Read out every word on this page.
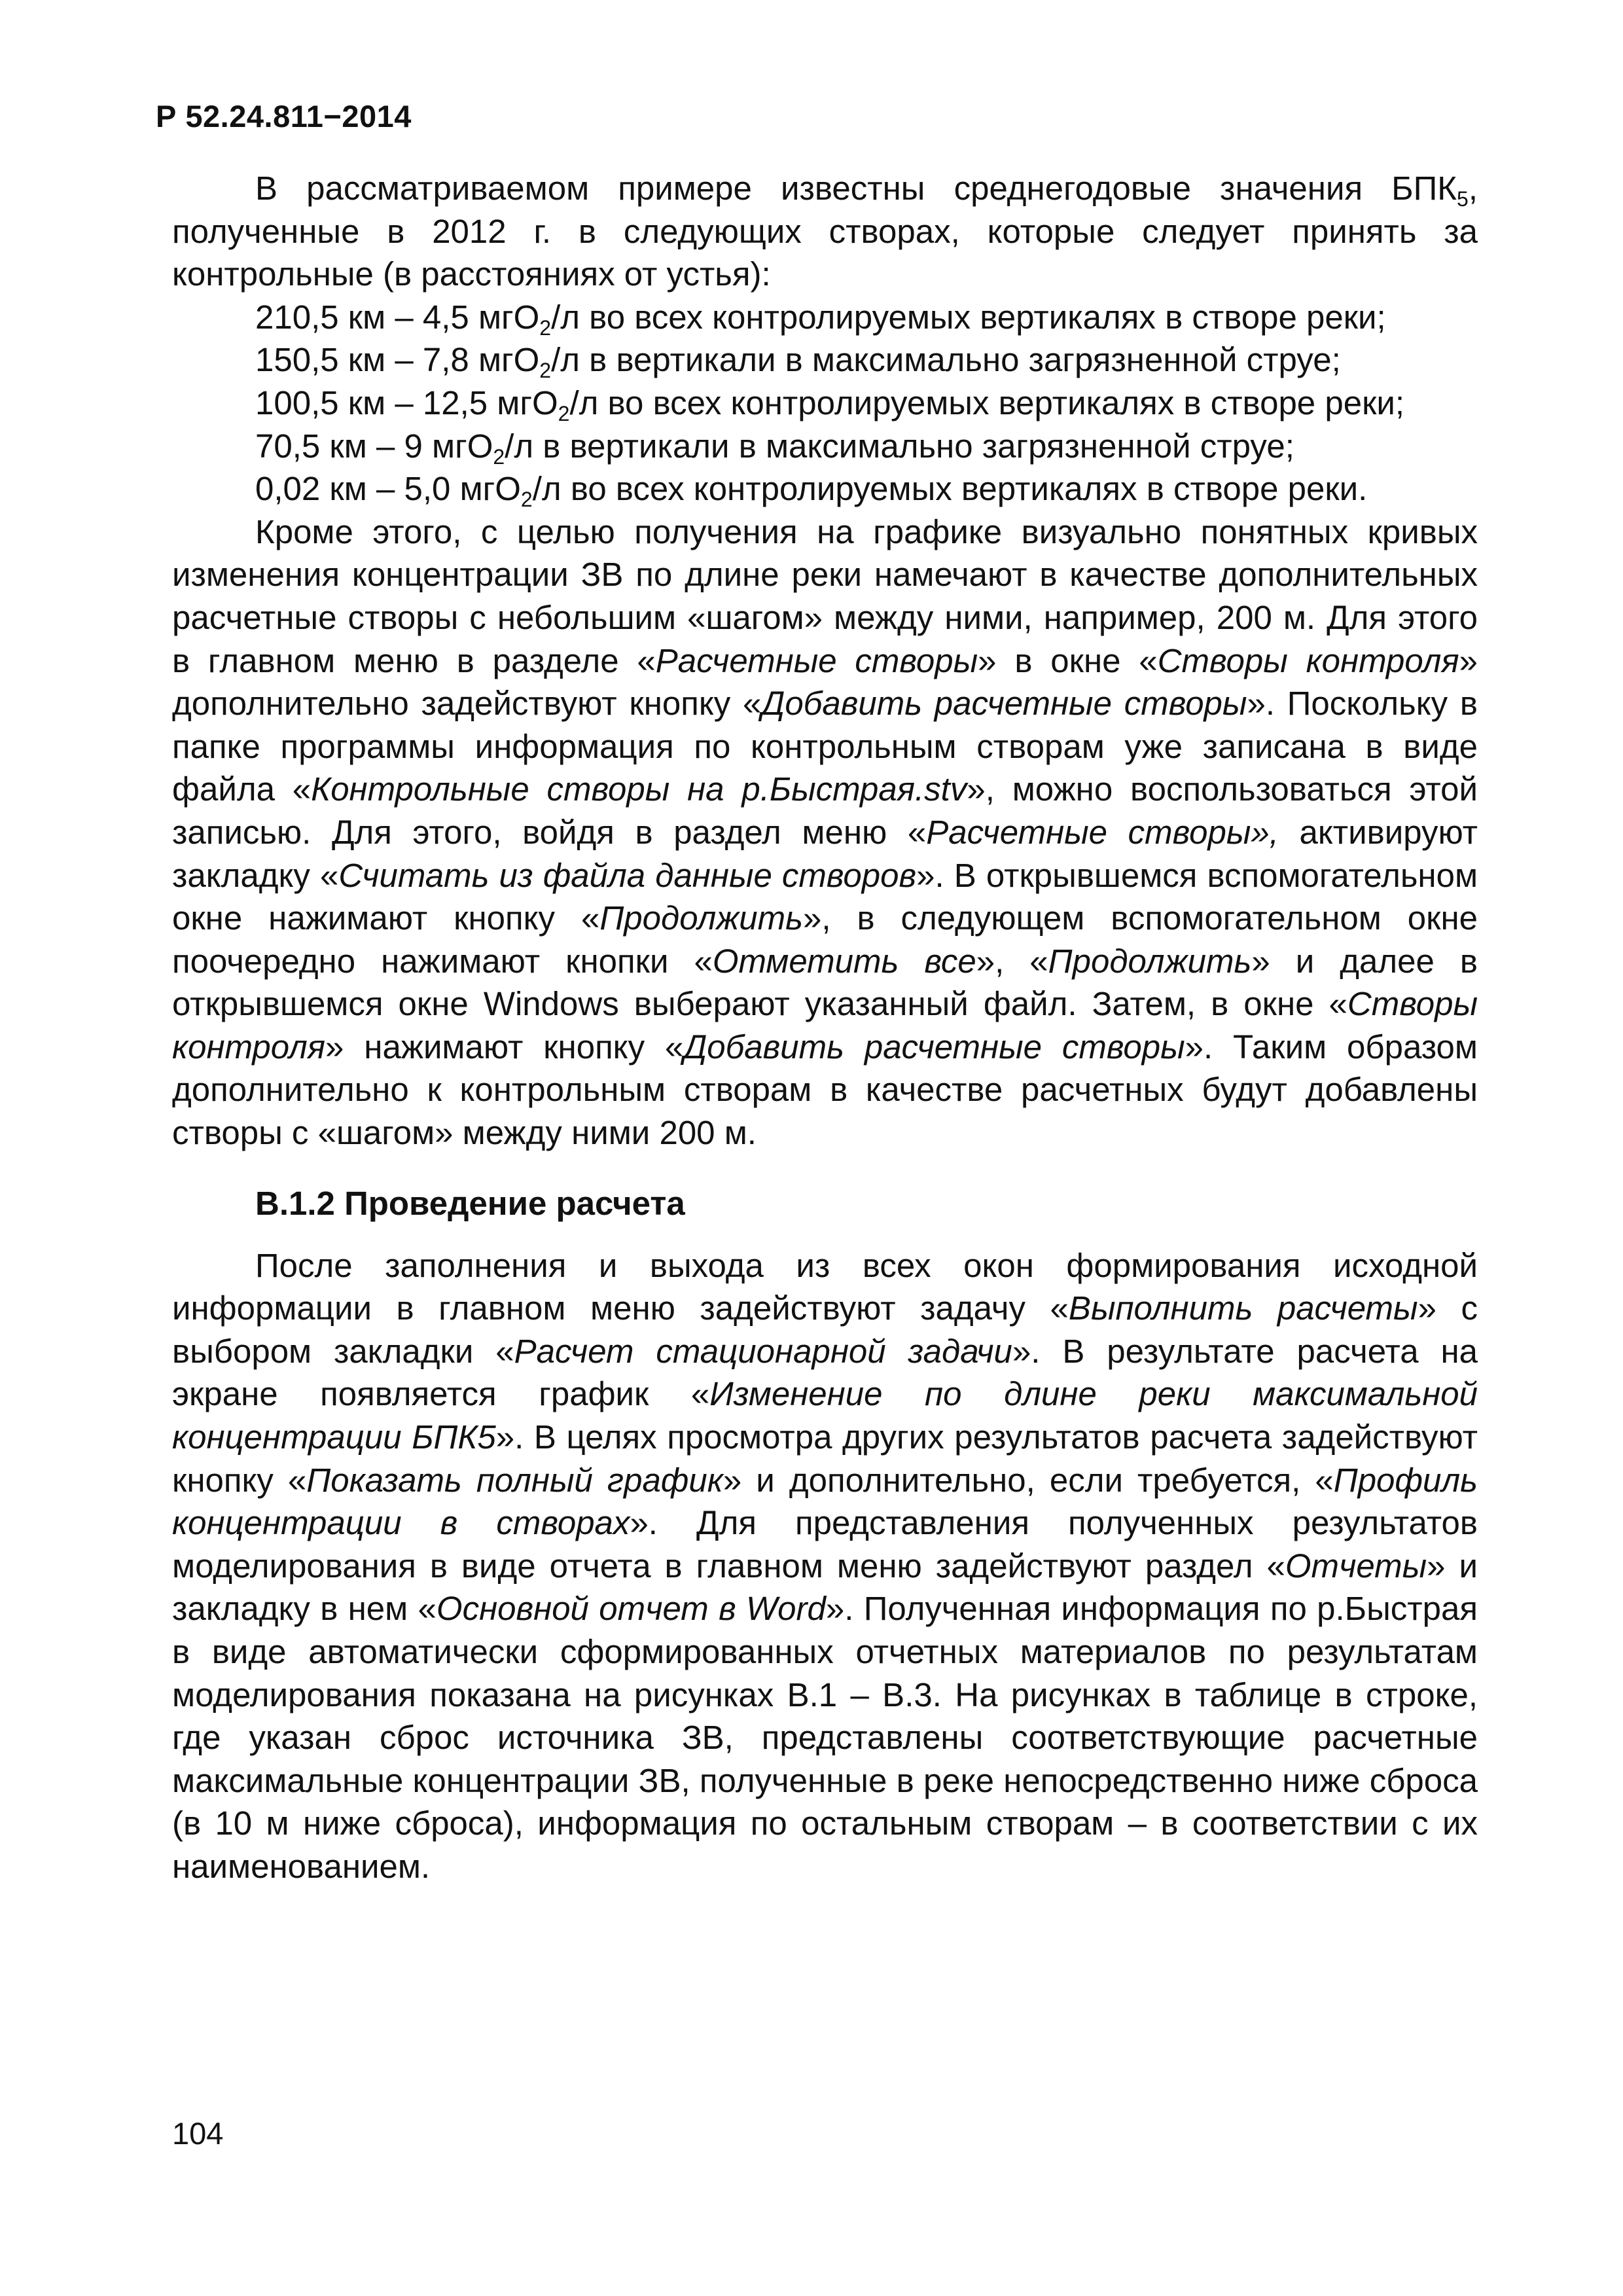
Р 52.24.811−2014

В рассматриваемом примере известны среднегодовые значения $БПК_5$, полученные в 2012 г. в следующих створах, которые следует принять за контрольные (в расстояниях от устья):

210,5 км – 4,5 мгО$_2$/л во всех контролируемых вертикалях в створе реки;

150,5 км – 7,8 мгО$_2$/л в вертикали в максимально загрязненной струе;

100,5 км – 12,5 мгО$_2$/л во всех контролируемых вертикалях в створе реки;

70,5 км – 9 мгО$_2$/л в вертикали в максимально загрязненной струе;

0,02 км – 5,0 мгО$_2$/л во всех контролируемых вертикалях в створе реки.

Кроме этого, с целью получения на графике визуально понятных кривых изменения концентрации ЗВ по длине реки намечают в качестве дополнительных расчетные створы с небольшим «шагом» между ними, например, 200 м. Для этого в главном меню в разделе «Расчетные створы» в окне «Створы контроля» дополнительно задействуют кнопку «Добавить расчетные створы». Поскольку в папке программы информация по контрольным створам уже записана в виде файла «Контрольные створы на р.Быстрая.stv», можно воспользоваться этой записью. Для этого, войдя в раздел меню «Расчетные створы», активируют закладку «Считать из файла данные створов». В открывшемся вспомогательном окне нажимают кнопку «Продолжить», в следующем вспомогательном окне поочередно нажимают кнопки «Отметить все», «Продолжить» и далее в открывшемся окне Windows выберают указанный файл. Затем, в окне «Створы контроля» нажимают кнопку «Добавить расчетные створы». Таким образом дополнительно к контрольным створам в качестве расчетных будут добавлены створы с «шагом» между ними 200 м.

В.1.2 Проведение расчета

После заполнения и выхода из всех окон формирования исходной информации в главном меню задействуют задачу «Выполнить расчеты» с выбором закладки «Расчет стационарной задачи». В результате расчета на экране появляется график «Изменение по длине реки максимальной концентрации БПК5». В целях просмотра других результатов расчета задействуют кнопку «Показать полный график» и дополнительно, если требуется, «Профиль концентрации в створах». Для представления полученных результатов моделирования в виде отчета в главном меню задействуют раздел «Отчеты» и закладку в нем «Основной отчет в Word». Полученная информация по р.Быстрая в виде автоматически сформированных отчетных материалов по результатам моделирования показана на рисунках В.1 – В.3. На рисунках в таблице в строке, где указан сброс источника ЗВ, представлены соответствующие расчетные максимальные концентрации ЗВ, полученные в реке непосредственно ниже сброса (в 10 м ниже сброса), информация по остальным створам – в соответствии с их наименованием.

104
